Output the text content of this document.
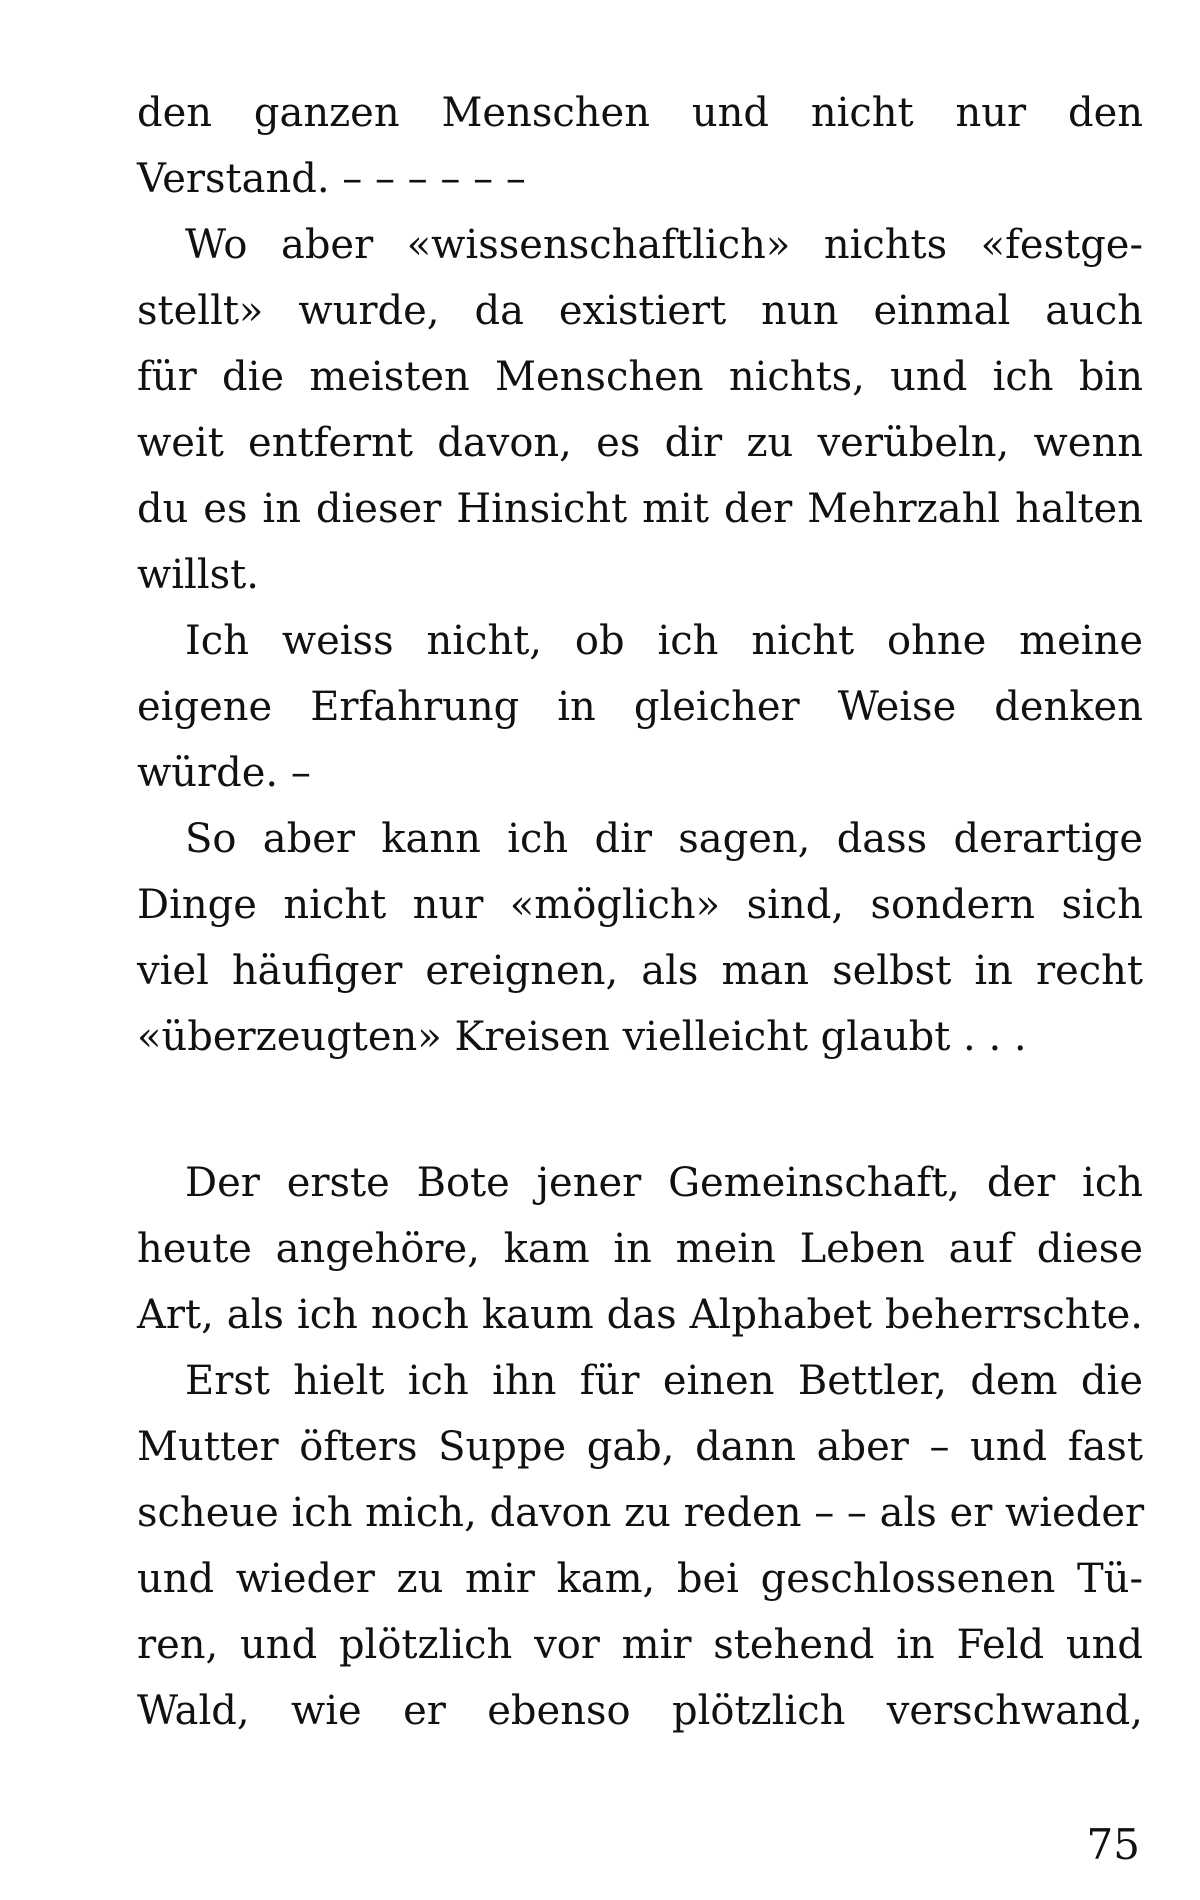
den ganzen Menschen und nicht nur den
Verstand. – – – – – –
Wo aber «wissenschaftlich» nichts «festge-
stellt» wurde, da existiert nun einmal auch
für die meisten Menschen nichts, und ich bin
weit entfernt davon, es dir zu verübeln, wenn
du es in dieser Hinsicht mit der Mehrzahl halten
willst.
Ich weiss nicht, ob ich nicht ohne meine
eigene Erfahrung in gleicher Weise denken
würde. –
So aber kann ich dir sagen, dass derartige
Dinge nicht nur «möglich» sind, sondern sich
viel häufiger ereignen, als man selbst in recht
«überzeugten» Kreisen vielleicht glaubt . . .
Der erste Bote jener Gemeinschaft, der ich
heute angehöre, kam in mein Leben auf diese
Art, als ich noch kaum das Alphabet beherrschte.
Erst hielt ich ihn für einen Bettler, dem die
Mutter öfters Suppe gab, dann aber – und fast
scheue ich mich, davon zu reden – – als er wieder
und wieder zu mir kam, bei geschlossenen Tü-
ren, und plötzlich vor mir stehend in Feld und
Wald, wie er ebenso plötzlich verschwand,
75
